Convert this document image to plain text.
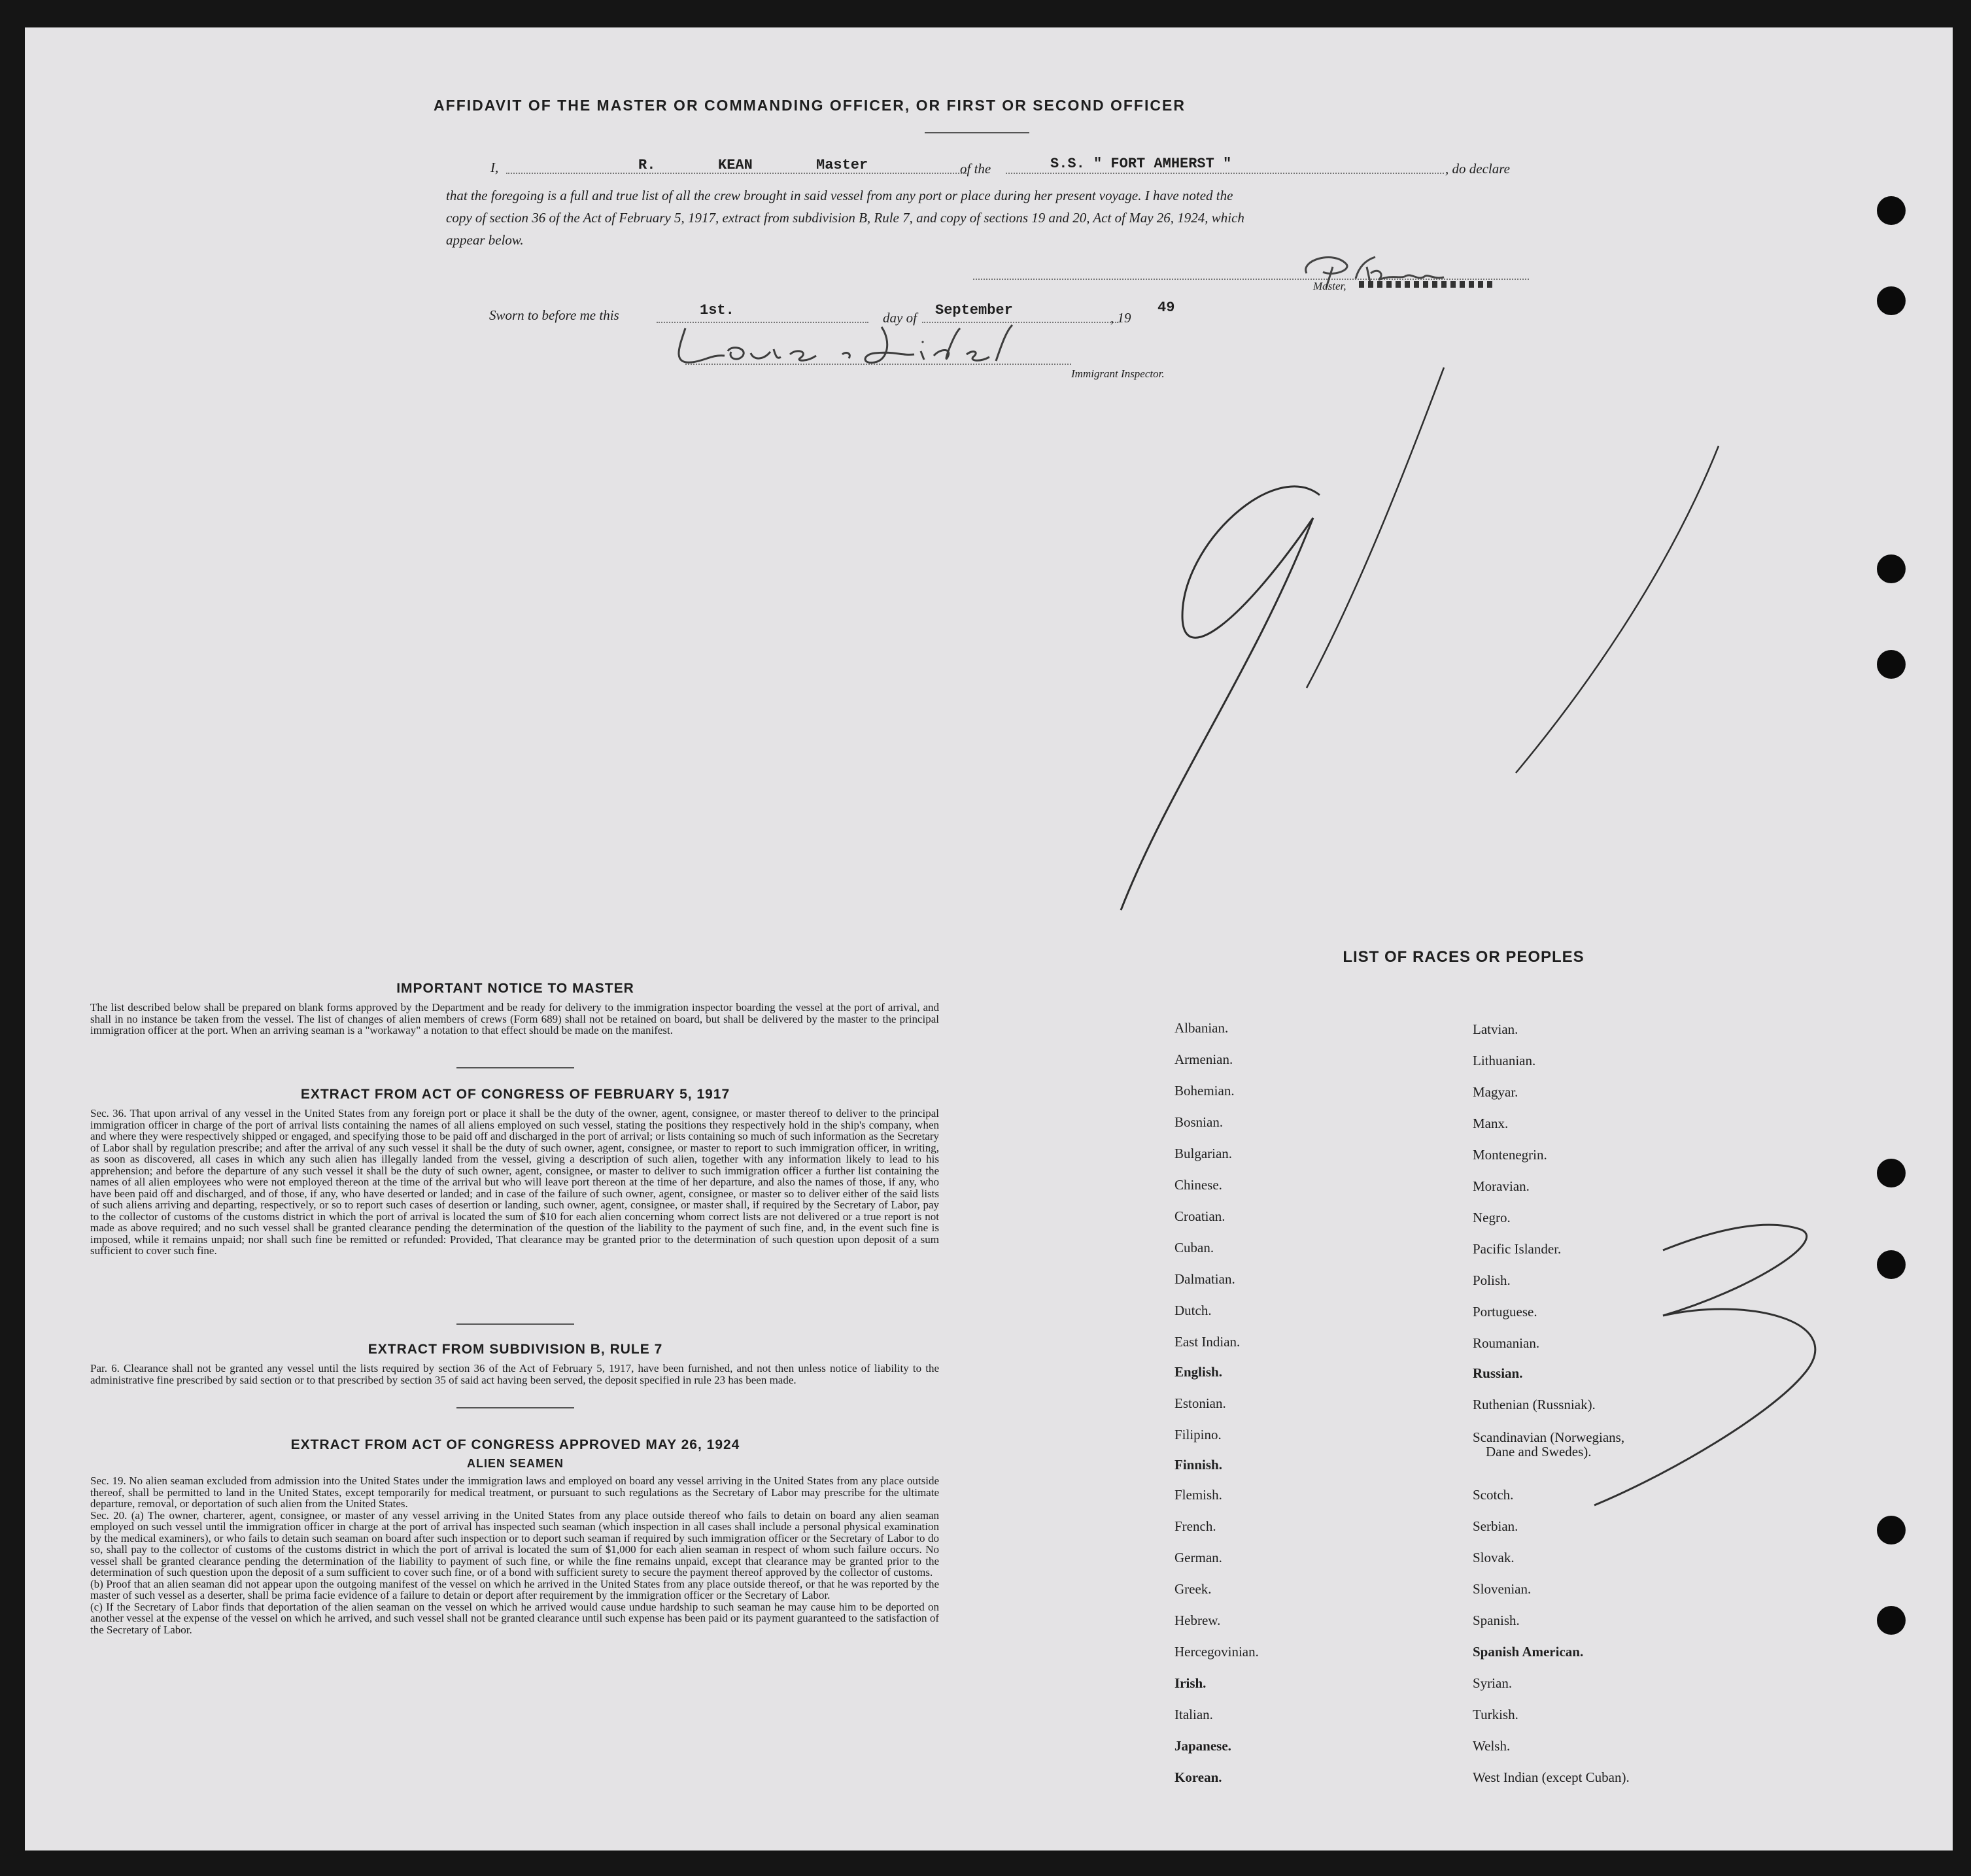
AFFIDAVIT OF THE MASTER OR COMMANDING OFFICER, OR FIRST OR SECOND OFFICER
I,	R.	KEAN	Master	of the	S.S. " FORT AMHERST "	, do declare
that the foregoing is a full and true list of all the crew brought in said vessel from any port or place during her present voyage. I have noted the
copy of section 36 of the Act of February 5, 1917, extract from subdivision B, Rule 7, and copy of sections 19 and 20, Act of May 26, 1924, which
appear below.
Master,
Sworn to before me this	1st.	day of September	, 19
49
Immigrant Inspector.
IMPORTANT NOTICE TO MASTER
The list described below shall be prepared on blank forms approved by the Department and be ready for delivery to the immigration inspector boarding the vessel at the port of arrival, and shall in no instance be taken from the vessel. The list of changes of alien members of crews (Form 689) shall not be retained on board, but shall be delivered by the master to the principal immigration officer at the port. When an arriving seaman is a "workaway" a notation to that effect should be made on the manifest.
EXTRACT FROM ACT OF CONGRESS OF FEBRUARY 5, 1917
Sec. 36. That upon arrival of any vessel in the United States from any foreign port or place it shall be the duty of the owner, agent, consignee, or master thereof to deliver to the principal immigration officer in charge of the port of arrival lists containing the names of all aliens employed on such vessel, stating the positions they respectively hold in the ship's company, when and where they were respectively shipped or engaged, and specifying those to be paid off and discharged in the port of arrival; or lists containing so much of such information as the Secretary of Labor shall by regulation prescribe; and after the arrival of any such vessel it shall be the duty of such owner, agent, consignee, or master to report to such immigration officer, in writing, as soon as discovered, all cases in which any such alien has illegally landed from the vessel, giving a description of such alien, together with any information likely to lead to his apprehension; and before the departure of any such vessel it shall be the duty of such owner, agent, consignee, or master to deliver to such immigration officer a further list containing the names of all alien employees who were not employed thereon at the time of the arrival but who will leave port thereon at the time of her departure, and also the names of those, if any, who have been paid off and discharged, and of those, if any, who have deserted or landed; and in case of the failure of such owner, agent, consignee, or master so to deliver either of the said lists of such aliens arriving and departing, respectively, or so to report such cases of desertion or landing, such owner, agent, consignee, or master shall, if required by the Secretary of Labor, pay to the collector of customs of the customs district in which the port of arrival is located the sum of $10 for each alien concerning whom correct lists are not delivered or a true report is not made as above required; and no such vessel shall be granted clearance pending the determination of the question of the liability to the payment of such fine, and, in the event such fine is imposed, while it remains unpaid; nor shall such fine be remitted or refunded: Provided, That clearance may be granted prior to the determination of such question upon deposit of a sum sufficient to cover such fine.
EXTRACT FROM SUBDIVISION B, RULE 7
Par. 6. Clearance shall not be granted any vessel until the lists required by section 36 of the Act of February 5, 1917, have been furnished, and not then unless notice of liability to the administrative fine prescribed by said section or to that prescribed by section 35 of said act having been served, the deposit specified in rule 23 has been made.
EXTRACT FROM ACT OF CONGRESS APPROVED MAY 26, 1924
ALIEN SEAMEN
Sec. 19. No alien seaman excluded from admission into the United States under the immigration laws and employed on board any vessel arriving in the United States from any place outside thereof, shall be permitted to land in the United States, except temporarily for medical treatment, or pursuant to such regulations as the Secretary of Labor may prescribe for the ultimate departure, removal, or deportation of such alien from the United States.
Sec. 20. (a) The owner, charterer, agent, consignee, or master of any vessel arriving in the United States from any place outside thereof who fails to detain on board any alien seaman employed on such vessel until the immigration officer in charge at the port of arrival has inspected such seaman (which inspection in all cases shall include a personal physical examination by the medical examiners), or who fails to detain such seaman on board after such inspection or to deport such seaman if required by such immigration officer or the Secretary of Labor to do so, shall pay to the collector of customs of the customs district in which the port of arrival is located the sum of $1,000 for each alien seaman in respect of whom such failure occurs. No vessel shall be granted clearance pending the determination of the liability to payment of such fine, or while the fine remains unpaid, except that clearance may be granted prior to the determination of such question upon the deposit of a sum sufficient to cover such fine, or of a bond with sufficient surety to secure the payment thereof approved by the collector of customs.
(b) Proof that an alien seaman did not appear upon the outgoing manifest of the vessel on which he arrived in the United States from any place outside thereof, or that he was reported by the master of such vessel as a deserter, shall be prima facie evidence of a failure to detain or deport after requirement by the immigration officer or the Secretary of Labor.
(c) If the Secretary of Labor finds that deportation of the alien seaman on the vessel on which he arrived would cause undue hardship to such seaman he may cause him to be deported on another vessel at the expense of the vessel on which he arrived, and such vessel shall not be granted clearance until such expense has been paid or its payment guaranteed to the satisfaction of the Secretary of Labor.
LIST OF RACES OR PEOPLES
Albanian.
Armenian.
Bohemian.
Bosnian.
Bulgarian.
Chinese.
Croatian.
Cuban.
Dalmatian.
Dutch.
East Indian.
English.
Estonian.
Filipino.
Finnish.
Flemish.
French.
German.
Greek.
Hebrew.
Hercegovinian.
Irish.
Italian.
Japanese.
Korean.
Latvian.
Lithuanian.
Magyar.
Manx.
Montenegrin.
Moravian.
Negro.
Pacific Islander.
Polish.
Portuguese.
Roumanian.
Russian.
Ruthenian (Russniak).
Scandinavian (Norwegians,
Dane and Swedes).
Scotch.
Serbian.
Slovak.
Slovenian.
Spanish.
Spanish American.
Syrian.
Turkish.
Welsh.
West Indian (except Cuban).
